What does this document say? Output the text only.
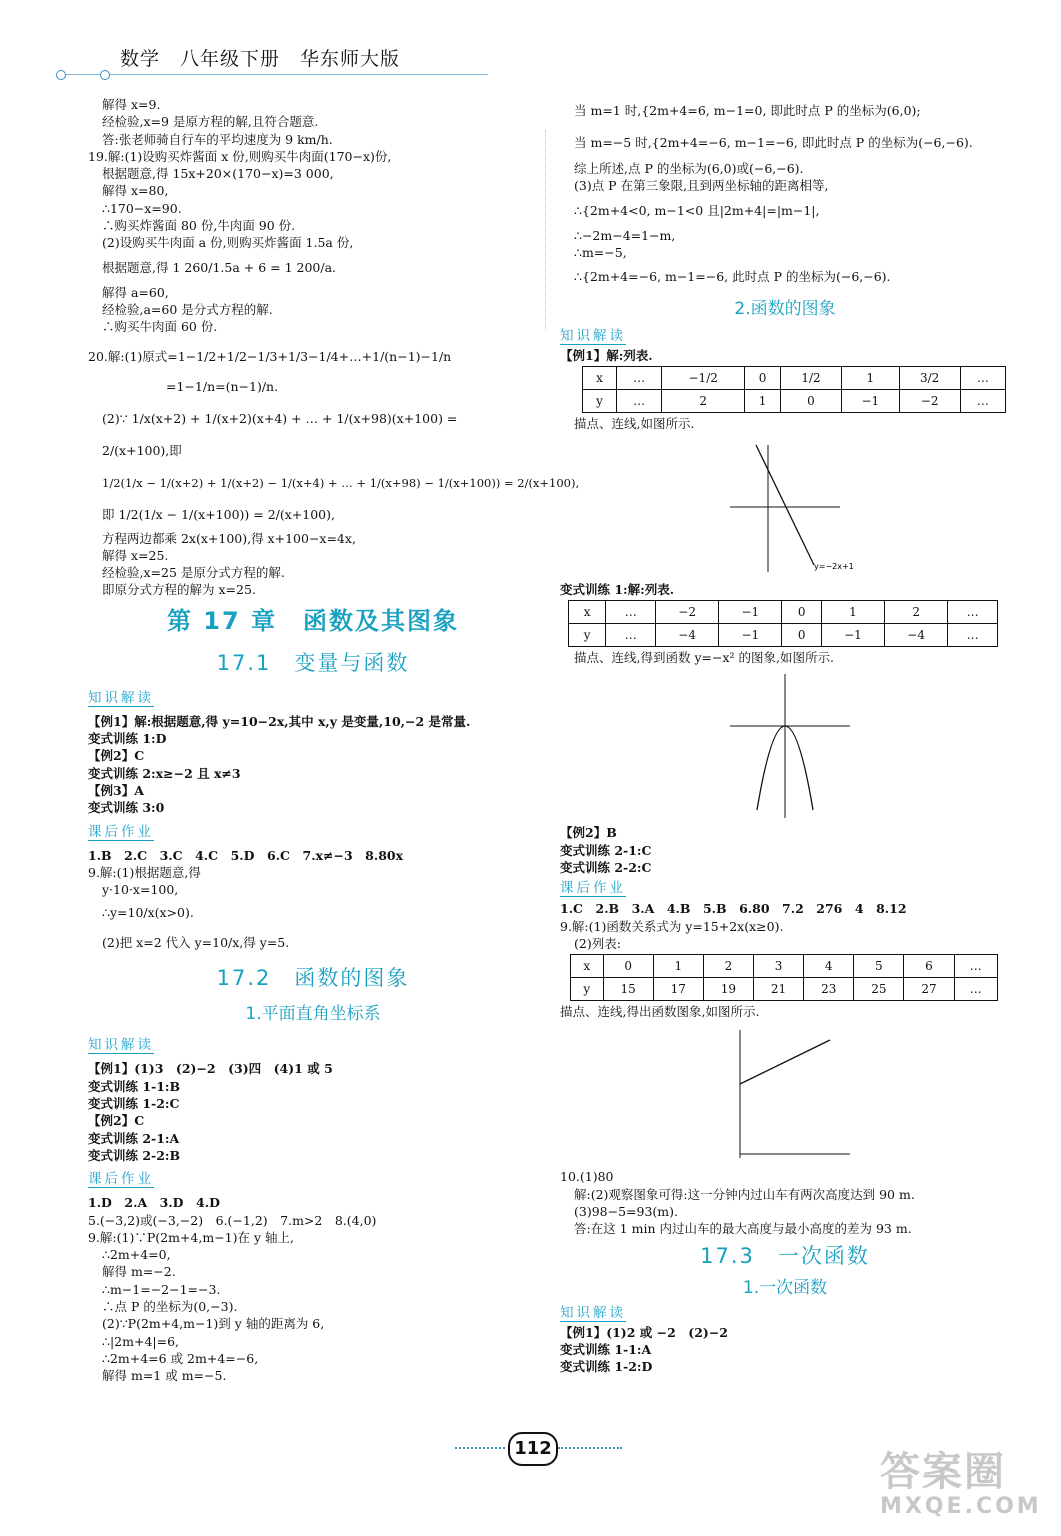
数学　八年级下册　华东师大版
解得 x=9.
经检验,x=9 是原方程的解,且符合题意.
答:张老师骑自行车的平均速度为 9 km/h.
19.解:(1)设购买炸酱面 x 份,则购买牛肉面(170−x)份,
根据题意,得 15x+20×(170−x)=3 000,
解得 x=80,
∴170−x=90.
∴购买炸酱面 80 份,牛肉面 90 份.
(2)设购买牛肉面 a 份,则购买炸酱面 1.5a 份,
根据题意,得 1 260/1.5a + 6 = 1 200/a.
解得 a=60,
经检验,a=60 是分式方程的解.
∴购买牛肉面 60 份.
20.解:(1)原式=1−1/2+1/2−1/3+1/3−1/4+…+1/(n−1)−1/n
=1−1/n=(n−1)/n.
(2)∵ 1/x(x+2) + 1/(x+2)(x+4) + … + 1/(x+98)(x+100) =
2/(x+100),即
1/2(1/x − 1/(x+2) + 1/(x+2) − 1/(x+4) + … + 1/(x+98) − 1/(x+100)) = 2/(x+100),
即 1/2(1/x − 1/(x+100)) = 2/(x+100),
方程两边都乘 2x(x+100),得 x+100−x=4x,
解得 x=25.
经检验,x=25 是原分式方程的解.
即原分式方程的解为 x=25.
第 17 章　函数及其图象
17.1　变量与函数
知识解读
【例1】解:根据题意,得 y=10−2x,其中 x,y 是变量,10,−2 是常量.
变式训练 1:D
【例2】C
变式训练 2:x≥−2 且 x≠3
【例3】A
变式训练 3:0
课后作业
1.B　2.C　3.C　4.C　5.D　6.C　7.x≠−3　8.80x
9.解:(1)根据题意,得
y·10·x=100,
∴y=10/x(x>0).
(2)把 x=2 代入 y=10/x,得 y=5.
17.2　函数的图象
1.平面直角坐标系
知识解读
【例1】(1)3　(2)−2　(3)四　(4)1 或 5
变式训练 1-1:B
变式训练 1-2:C
【例2】C
变式训练 2-1:A
变式训练 2-2:B
课后作业
1.D　2.A　3.D　4.D
5.(−3,2)或(−3,−2)　6.(−1,2)　7.m>2　8.(4,0)
9.解:(1)∵P(2m+4,m−1)在 y 轴上,
∴2m+4=0,
解得 m=−2.
∴m−1=−2−1=−3.
∴点 P 的坐标为(0,−3).
(2)∵P(2m+4,m−1)到 y 轴的距离为 6,
∴|2m+4|=6,
∴2m+4=6 或 2m+4=−6,
解得 m=1 或 m=−5.
当 m=1 时,{2m+4=6, m−1=0, 即此时点 P 的坐标为(6,0);
当 m=−5 时,{2m+4=−6, m−1=−6, 即此时点 P 的坐标为(−6,−6).
综上所述,点 P 的坐标为(6,0)或(−6,−6).
(3)点 P 在第三象限,且到两坐标轴的距离相等,
∴{2m+4<0, m−1<0 且|2m+4|=|m−1|,
∴−2m−4=1−m,
∴m=−5,
∴{2m+4=−6, m−1=−6, 此时点 P 的坐标为(−6,−6).
2.函数的图象
知识解读
【例1】解:列表.
x	…	−1/2	0	1/2	1	3/2	…
y	…	2	1	0	−1	−2	…
描点、连线,如图所示.
y=−2x+1
变式训练 1:解:列表.
x	…	−2	−1	0	1	2	…
y	…	−4	−1	0	−1	−4	…
描点、连线,得到函数 y=−x² 的图象,如图所示.
【例2】B
变式训练 2-1:C
变式训练 2-2:C
课后作业
1.C　2.B　3.A　4.B　5.B　6.80　7.2　276　4　8.12
9.解:(1)函数关系式为 y=15+2x(x≥0).
(2)列表:
x	0	1	2	3	4	5	6	…
y	15	17	19	21	23	25	27	…
描点、连线,得出函数图象,如图所示.
10.(1)80
解:(2)观察图象可得:这一分钟内过山车有两次高度达到 90 m.
(3)98−5=93(m).
答:在这 1 min 内过山车的最大高度与最小高度的差为 93 m.
17.3　一次函数
1.一次函数
知识解读
【例1】(1)2 或 −2　(2)−2
变式训练 1-1:A
变式训练 1-2:D
112
答案圈
MXQE.COM
